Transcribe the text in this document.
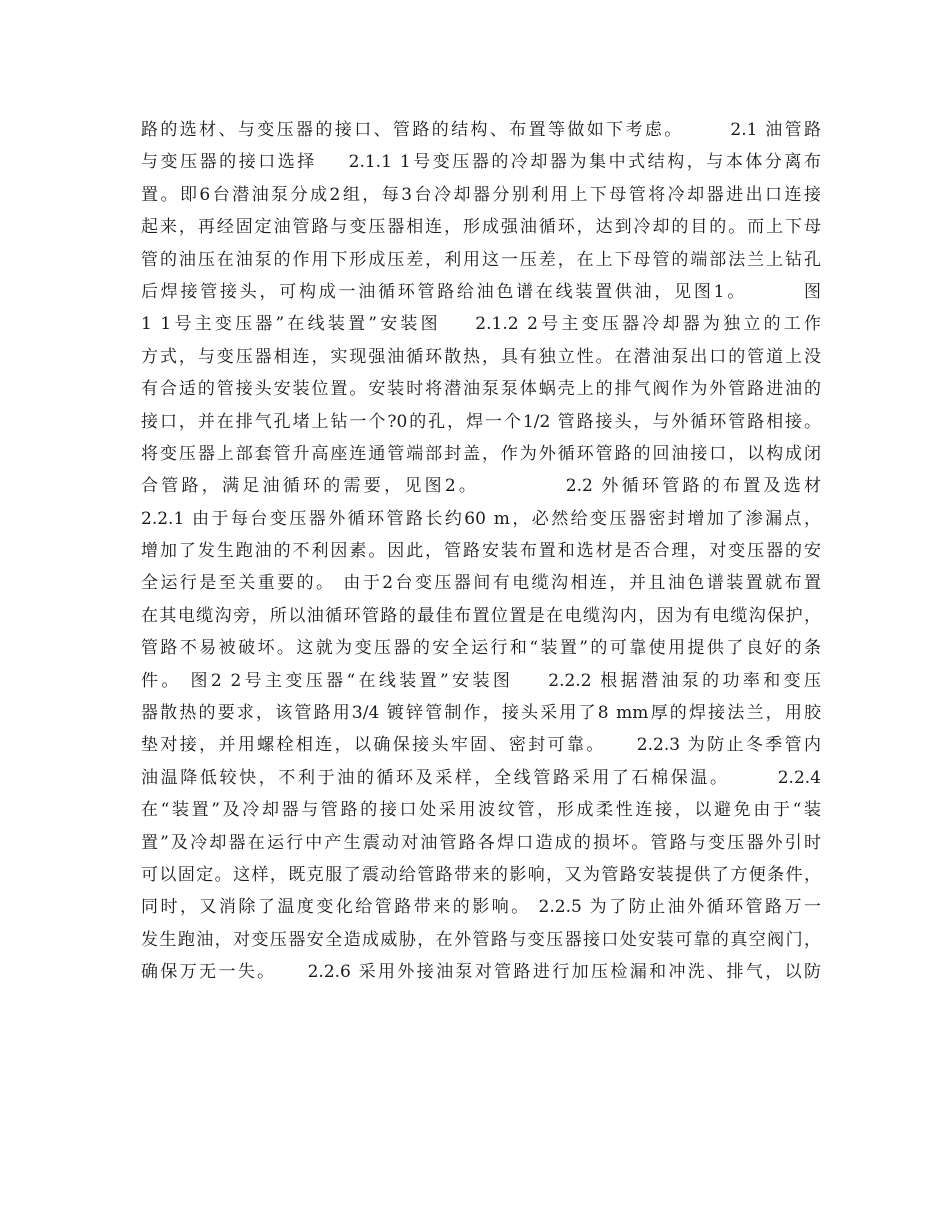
路的选材、与变压器的接口、管路的结构、布置等做如下考虑。      2.1 油管路
与变压器的接口选择    2.1.1 1号变压器的冷却器为集中式结构，与本体分离布
置。即6台潜油泵分成2组，每3台冷却器分别利用上下母管将冷却器进出口连接
起来，再经固定油管路与变压器相连，形成强油循环，达到冷却的目的。而上下母
管的油压在油泵的作用下形成压差，利用这一压差，在上下母管的端部法兰上钻孔
后焊接管接头，可构成一油循环管路给油色谱在线装置供油，见图1。       图
1 1号主变压器”在线装置”安装图    2.1.2 2号主变压器冷却器为独立的工作
方式，与变压器相连，实现强油循环散热，具有独立性。在潜油泵出口的管道上没
有合适的管接头安装位置。安装时将潜油泵泵体蜗壳上的排气阀作为外管路进油的
接口，并在排气孔堵上钻一个?0的孔，焊一个1/2 管路接头，与外循环管路相接。
将变压器上部套管升高座连通管端部封盖，作为外循环管路的回油接口，以构成闭
合管路，满足油循环的需要，见图2。          2.2 外循环管路的布置及选材
2.2.1 由于每台变压器外循环管路长约60 m，必然给变压器密封增加了渗漏点，
增加了发生跑油的不利因素。因此，管路安装布置和选材是否合理，对变压器的安
全运行是至关重要的。 由于2台变压器间有电缆沟相连，并且油色谱装置就布置
在其电缆沟旁，所以油循环管路的最佳布置位置是在电缆沟内，因为有电缆沟保护，
管路不易被破坏。这就为变压器的安全运行和“装置”的可靠使用提供了良好的条
件。 图2 2号主变压器“在线装置”安装图    2.2.2 根据潜油泵的功率和变压
器散热的要求，该管路用3/4 镀锌管制作，接头采用了8 mm厚的焊接法兰，用胶
垫对接，并用螺栓相连，以确保接头牢固、密封可靠。    2.2.3 为防止冬季管内
油温降低较快，不利于油的循环及采样，全线管路采用了石棉保温。      2.2.4
在“装置”及冷却器与管路的接口处采用波纹管，形成柔性连接，以避免由于“装
置”及冷却器在运行中产生震动对油管路各焊口造成的损坏。管路与变压器外引时
可以固定。这样，既克服了震动给管路带来的影响，又为管路安装提供了方便条件，
同时，又消除了温度变化给管路带来的影响。 2.2.5 为了防止油外循环管路万一
发生跑油，对变压器安全造成威胁，在外管路与变压器接口处安装可靠的真空阀门，
确保万无一失。    2.2.6 采用外接油泵对管路进行加压检漏和冲洗、排气，以防
